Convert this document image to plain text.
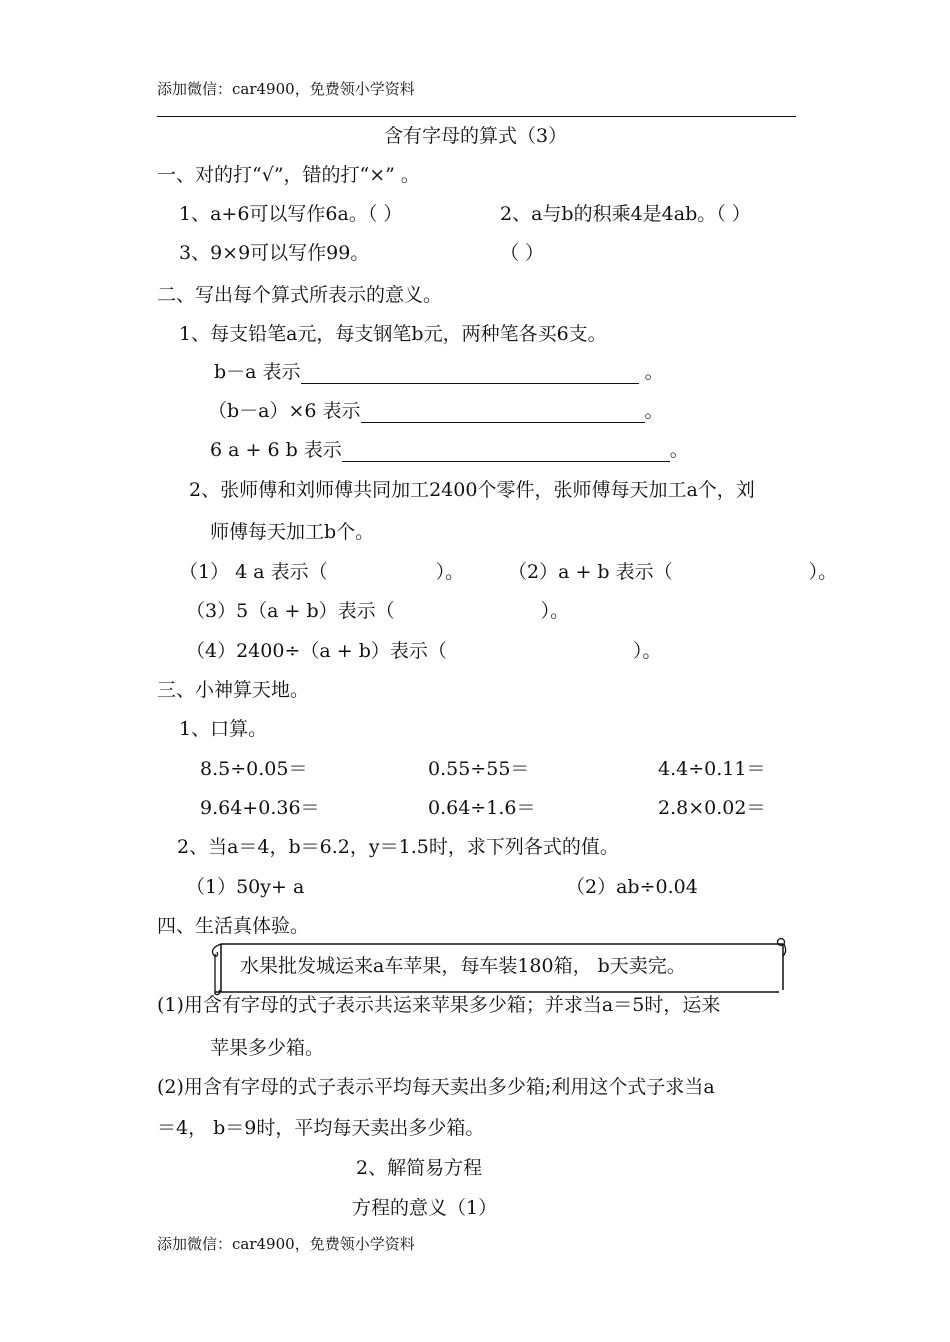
添加微信：car4900，免费领小学资料
含有字母的算式（3）
一、对的打“√”，错的打“×” 。
1、a+6可以写作6a。（ ）	2、a与b的积乘4是4ab。（ ）
3、9×9可以写作99。	（ ）
二、写出每个算式所表示的意义。
1、每支铅笔a元，每支钢笔b元，两种笔各买6支。
b－a 表示	。
（b－a）×6 表示	。
6 a + 6 b 表示	。
2、张师傅和刘师傅共同加工2400个零件，张师傅每天加工a个，刘
师傅每天加工b个。
（1） 4 a 表示（	）。 （2）a + b 表示（	）。
（3）5（a + b）表示（	）。
（4）2400÷（a + b）表示（	）。
三、小神算天地。
1、口算。
8.5÷0.05＝	0.55÷55＝	4.4÷0.11＝
9.64+0.36＝	0.64÷1.6＝	2.8×0.02＝
2、当a＝4，b＝6.2，y＝1.5时，求下列各式的值。
（1）50y+ a	（2）ab÷0.04
四、生活真体验。
水果批发城运来a车苹果，每车装180箱， b天卖完。
(1)用含有字母的式子表示共运来苹果多少箱；并求当a＝5时，运来
苹果多少箱。
(2)用含有字母的式子表示平均每天卖出多少箱;利用这个式子求当a
＝4， b＝9时，平均每天卖出多少箱。
2、解简易方程
方程的意义（1）
添加微信：car4900，免费领小学资料
